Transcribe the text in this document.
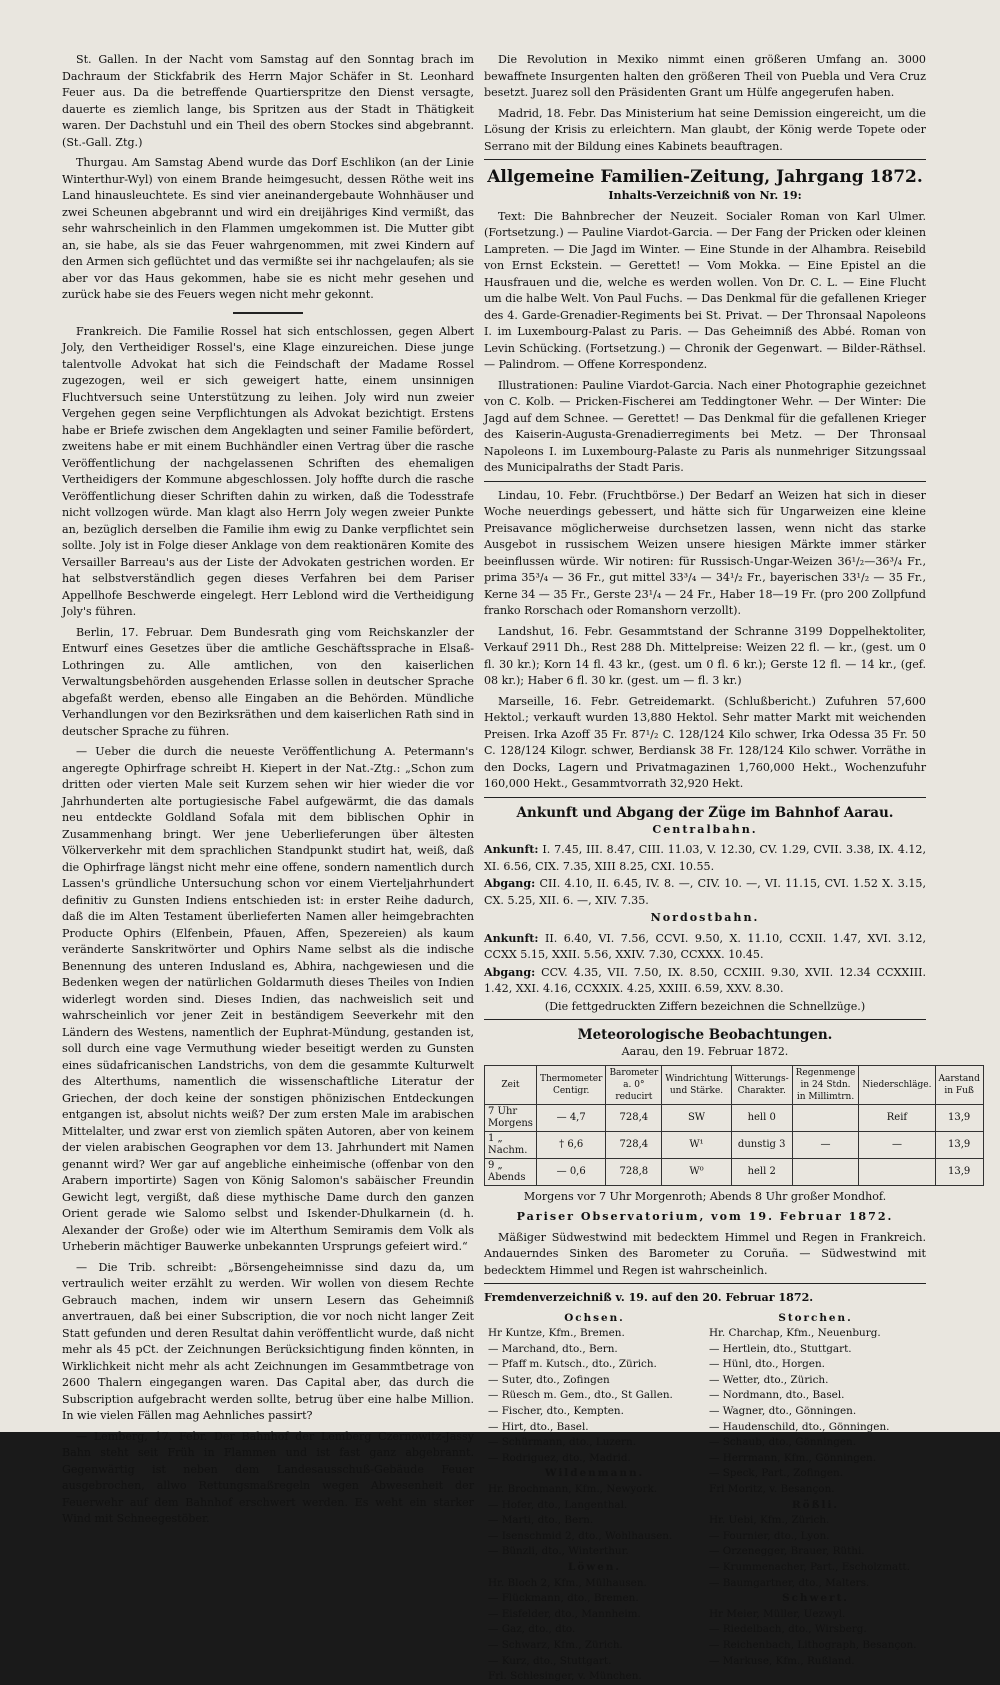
St. Gallen. In der Nacht vom Samstag auf den Sonntag brach im Dachraum der Stickfabrik des Herrn Major Schäfer in St. Leonhard Feuer aus. Da die betreffende Quartierspritze den Dienst versagte, dauerte es ziemlich lange, bis Spritzen aus der Stadt in Thätigkeit waren. Der Dachstuhl und ein Theil des obern Stockes sind abgebrannt. (St.-Gall. Ztg.)

Thurgau. Am Samstag Abend wurde das Dorf Eschlikon (an der Linie Winterthur-Wyl) von einem Brande heimgesucht, dessen Röthe weit ins Land hinausleuchtete. Es sind vier aneinandergebaute Wohnhäuser und zwei Scheunen abgebrannt und wird ein dreijähriges Kind vermißt, das sehr wahrscheinlich in den Flammen umgekommen ist. Die Mutter gibt an, sie habe, als sie das Feuer wahrgenommen, mit zwei Kindern auf den Armen sich geflüchtet und das vermißte sei ihr nachgelaufen; als sie aber vor das Haus gekommen, habe sie es nicht mehr gesehen und zurück habe sie des Feuers wegen nicht mehr gekonnt.

Frankreich. Die Familie Rossel hat sich entschlossen, gegen Albert Joly, den Vertheidiger Rossel's, eine Klage einzureichen. Diese junge talentvolle Advokat hat sich die Feindschaft der Madame Rossel zugezogen, weil er sich geweigert hatte, einem unsinnigen Fluchtversuch seine Unterstützung zu leihen. Joly wird nun zweier Vergehen gegen seine Verpflichtungen als Advokat bezichtigt. Erstens habe er Briefe zwischen dem Angeklagten und seiner Familie befördert, zweitens habe er mit einem Buchhändler einen Vertrag über die rasche Veröffentlichung der nachgelassenen Schriften des ehemaligen Vertheidigers der Kommune abgeschlossen. Joly hoffte durch die rasche Veröffentlichung dieser Schriften dahin zu wirken, daß die Todesstrafe nicht vollzogen würde. Man klagt also Herrn Joly wegen zweier Punkte an, bezüglich derselben die Familie ihm ewig zu Danke verpflichtet sein sollte. Joly ist in Folge dieser Anklage von dem reaktionären Komite des Versailler Barreau's aus der Liste der Advokaten gestrichen worden. Er hat selbstverständlich gegen dieses Verfahren bei dem Pariser Appellhofe Beschwerde eingelegt. Herr Leblond wird die Vertheidigung Joly's führen.

Berlin, 17. Februar. Dem Bundesrath ging vom Reichskanzler der Entwurf eines Gesetzes über die amtliche Geschäftssprache in Elsaß-Lothringen zu. Alle amtlichen, von den kaiserlichen Verwaltungsbehörden ausgehenden Erlasse sollen in deutscher Sprache abgefaßt werden, ebenso alle Eingaben an die Behörden. Mündliche Verhandlungen vor den Bezirksräthen und dem kaiserlichen Rath sind in deutscher Sprache zu führen.

— Ueber die durch die neueste Veröffentlichung A. Petermann's angeregte Ophirfrage schreibt H. Kiepert in der Nat.-Ztg.: „Schon zum dritten oder vierten Male seit Kurzem sehen wir hier wieder die vor Jahrhunderten alte portugiesische Fabel aufgewärmt, die das damals neu entdeckte Goldland Sofala mit dem biblischen Ophir in Zusammenhang bringt. Wer jene Ueberlieferungen über ältesten Völkerverkehr mit dem sprachlichen Standpunkt studirt hat, weiß, daß die Ophirfrage längst nicht mehr eine offene, sondern namentlich durch Lassen's gründliche Untersuchung schon vor einem Vierteljahrhundert definitiv zu Gunsten Indiens entschieden ist: in erster Reihe dadurch, daß die im Alten Testament überlieferten Namen aller heimgebrachten Producte Ophirs (Elfenbein, Pfauen, Affen, Spezereien) als kaum veränderte Sanskritwörter und Ophirs Name selbst als die indische Benennung des unteren Indusland es, Abhira, nachgewiesen und die Bedenken wegen der natürlichen Goldarmuth dieses Theiles von Indien widerlegt worden sind. Dieses Indien, das nachweislich seit und wahrscheinlich vor jener Zeit in beständigem Seeverkehr mit den Ländern des Westens, namentlich der Euphrat-Mündung, gestanden ist, soll durch eine vage Vermuthung wieder beseitigt werden zu Gunsten eines südafricanischen Landstrichs, von dem die gesammte Kulturwelt des Alterthums, namentlich die wissenschaftliche Literatur der Griechen, der doch keine der sonstigen phönizischen Entdeckungen entgangen ist, absolut nichts weiß? Der zum ersten Male im arabischen Mittelalter, und zwar erst von ziemlich späten Autoren, aber von keinem der vielen arabischen Geographen vor dem 13. Jahrhundert mit Namen genannt wird? Wer gar auf angebliche einheimische (offenbar von den Arabern importirte) Sagen von König Salomon's sabäischer Freundin Gewicht legt, vergißt, daß diese mythische Dame durch den ganzen Orient gerade wie Salomo selbst und Iskender-Dhulkarnein (d. h. Alexander der Große) oder wie im Alterthum Semiramis dem Volk als Urheberin mächtiger Bauwerke unbekannten Ursprungs gefeiert wird.“

— Die Trib. schreibt: „Börsengeheimnisse sind dazu da, um vertraulich weiter erzählt zu werden. Wir wollen von diesem Rechte Gebrauch machen, indem wir unsern Lesern das Geheimniß anvertrauen, daß bei einer Subscription, die vor noch nicht langer Zeit Statt gefunden und deren Resultat dahin veröffentlicht wurde, daß nicht mehr als 45 pCt. der Zeichnungen Berücksichtigung finden könnten, in Wirklichkeit nicht mehr als acht Zeichnungen im Gesammtbetrage von 2600 Thalern eingegangen waren. Das Capital aber, das durch die Subscription aufgebracht werden sollte, betrug über eine halbe Million. In wie vielen Fällen mag Aehnliches passirt?

— Lemberg, 17. Febr. Der Bahnhof der Lemberg Czernowitz-Jassy Bahn steht seit Früh in Flammen und ist fast ganz abgebrannt. Gegenwärtig ist neben dem Landesausschuß-Gebäude Feuer ausgebrochen, allwo Rettungsmaßregeln wegen Abwesenheit der Feuerwehr auf dem Bahnhof erschwert werden. Es weht ein starker Wind mit Schneegestöber.

Die Revolution in Mexiko nimmt einen größeren Umfang an. 3000 bewaffnete Insurgenten halten den größeren Theil von Puebla und Vera Cruz besetzt. Juarez soll den Präsidenten Grant um Hülfe angegerufen haben.

Madrid, 18. Febr. Das Ministerium hat seine Demission eingereicht, um die Lösung der Krisis zu erleichtern. Man glaubt, der König werde Topete oder Serrano mit der Bildung eines Kabinets beauftragen.

Allgemeine Familien-Zeitung, Jahrgang 1872.

Inhalts-Verzeichniß von Nr. 19:

Text: Die Bahnbrecher der Neuzeit. Socialer Roman von Karl Ulmer. (Fortsetzung.) — Pauline Viardot-Garcia. — Der Fang der Pricken oder kleinen Lampreten. — Die Jagd im Winter. — Eine Stunde in der Alhambra. Reisebild von Ernst Eckstein. — Gerettet! — Vom Mokka. — Eine Epistel an die Hausfrauen und die, welche es werden wollen. Von Dr. C. L. — Eine Flucht um die halbe Welt. Von Paul Fuchs. — Das Denkmal für die gefallenen Krieger des 4. Garde-Grenadier-Regiments bei St. Privat. — Der Thronsaal Napoleons I. im Luxembourg-Palast zu Paris. — Das Geheimniß des Abbé. Roman von Levin Schücking. (Fortsetzung.) — Chronik der Gegenwart. — Bilder-Räthsel. — Palindrom. — Offene Korrespondenz.

Illustrationen: Pauline Viardot-Garcia. Nach einer Photographie gezeichnet von C. Kolb. — Pricken-Fischerei am Teddingtoner Wehr. — Der Winter: Die Jagd auf dem Schnee. — Gerettet! — Das Denkmal für die gefallenen Krieger des Kaiserin-Augusta-Grenadierregiments bei Metz. — Der Thronsaal Napoleons I. im Luxembourg-Palaste zu Paris als nunmehriger Sitzungssaal des Municipalraths der Stadt Paris.

Lindau, 10. Febr. (Fruchtbörse.) Der Bedarf an Weizen hat sich in dieser Woche neuerdings gebessert, und hätte sich für Ungarweizen eine kleine Preisavance möglicherweise durchsetzen lassen, wenn nicht das starke Ausgebot in russischem Weizen unsere hiesigen Märkte immer stärker beeinflussen würde. Wir notiren: für Russisch-Ungar-Weizen 36¹/₂—36³/₄ Fr., prima 35³/₄ — 36 Fr., gut mittel 33³/₄ — 34¹/₂ Fr., bayerischen 33¹/₂ — 35 Fr., Kerne 34 — 35 Fr., Gerste 23¹/₄ — 24 Fr., Haber 18—19 Fr. (pro 200 Zollpfund franko Rorschach oder Romanshorn verzollt).

Landshut, 16. Febr. Gesammtstand der Schranne 3199 Doppelhektoliter, Verkauf 2911 Dh., Rest 288 Dh. Mittelpreise: Weizen 22 fl. — kr., (gest. um 0 fl. 30 kr.); Korn 14 fl. 43 kr., (gest. um 0 fl. 6 kr.); Gerste 12 fl. — 14 kr., (gef. 08 kr.); Haber 6 fl. 30 kr. (gest. um — fl. 3 kr.)

Marseille, 16. Febr. Getreidemarkt. (Schlußbericht.) Zufuhren 57,600 Hektol.; verkauft wurden 13,880 Hektol. Sehr matter Markt mit weichenden Preisen. Irka Azoff 35 Fr. 87¹/₂ C. 128/124 Kilo schwer, Irka Odessa 35 Fr. 50 C. 128/124 Kilogr. schwer, Berdiansk 38 Fr. 128/124 Kilo schwer. Vorräthe in den Docks, Lagern und Privatmagazinen 1,760,000 Hekt., Wochenzufuhr 160,000 Hekt., Gesammtvorrath 32,920 Hekt.

Ankunft und Abgang der Züge im Bahnhof Aarau.

Centralbahn.

Ankunft: I. 7.45, III. 8.47, CIII. 11.03, V. 12.30, CV. 1.29, CVII. 3.38, IX. 4.12, XI. 6.56, CIX. 7.35, XIII 8.25, CXI. 10.55.

Abgang: CII. 4.10, II. 6.45, IV. 8. —, CIV. 10. —, VI. 11.15, CVI. 1.52 X. 3.15, CX. 5.25, XII. 6. —, XIV. 7.35.

Nordostbahn.

Ankunft: II. 6.40, VI. 7.56, CCVI. 9.50, X. 11.10, CCXII. 1.47, XVI. 3.12, CCXX 5.15, XXII. 5.56, XXIV. 7.30, CCXXX. 10.45.

Abgang: CCV. 4.35, VII. 7.50, IX. 8.50, CCXIII. 9.30, XVII. 12.34 CCXXIII. 1.42, XXI. 4.16, CCXXIX. 4.25, XXIII. 6.59, XXV. 8.30.

(Die fettgedruckten Ziffern bezeichnen die Schnellzüge.)

Meteorologische Beobachtungen.

Aarau, den 19. Februar 1872.

Zeit	Thermometer Centigr.	Barometer a. 0° reducirt	Windrichtung und Stärke.	Witterungs-Charakter.	Regenmenge in 24 Stdn. in Millimtrn.	Niederschläge.	Aarstand in Fuß
7 Uhr Morgens	— 4,7	728,4	SW	hell 0		Reif	13,9
1 „ Nachm.	† 6,6	728,4	W¹	dunstig 3	—	—	13,9
9 „ Abends	— 0,6	728,8	W⁰	hell 2			13,9

Morgens vor 7 Uhr Morgenroth; Abends 8 Uhr großer Mondhof.

Pariser Observatorium, vom 19. Februar 1872.

Mäßiger Südwestwind mit bedecktem Himmel und Regen in Frankreich. Andauerndes Sinken des Barometer zu Coruña. — Südwestwind mit bedecktem Himmel und Regen ist wahrscheinlich.

Fremdenverzeichniß v. 19. auf den 20. Februar 1872.

Ochsen.
Hr Kuntze, Kfm., Bremen.
— Marchand, dto., Bern.
— Pfaff m. Kutsch., dto., Zürich.
— Suter, dto., Zofingen
— Rüesch m. Gem., dto., St Gallen.
— Fischer, dto., Kempten.
— Hirt, dto., Basel.
— Schürmann, dto., Luzern.
— Rodriguez, dto., Madrid.
Wildenmann.
Hr. Brochmann, Kfm., Newyork.
— Hofer, dto., Langenthal.
— Marti, dto., Bern.
— Isenschmid 2, dto., Wohlhausen.
— Bünzli, dto., Winterthur.
Löwen.
Hr. Bloch 2, Kfm., Mülhausen.
— Flückmann, dto., Bremen.
— Eisfelder, dto., Mannheim.
— Gaz, dto., dto.
— Schwarz, Kfm., Zürich.
— Kurz, dto., Stuttgart.
Frl. Schlesinger, v. München.
Storchen.
Hr. Charchap, Kfm., Neuenburg.
— Hertlein, dto., Stuttgart.
— Hünl, dto., Horgen.
— Wetter, dto., Zürich.
— Nordmann, dto., Basel.
— Wagner, dto., Gönningen.
— Haudenschild, dto., Gönningen.
— Schaub, dto., Gönningen.
— Herrmann, Kfm., Gönningen.
— Speck, Part., Zofingen.
Frl Moritz, v. Besançon.
Rößli.
Hr. Uebi, Kfm., Zürich.
— Fournier, dto., Lyon.
— Orzenegger, Brauer, Rüthi.
— Krummenacher, Part., Escholzmatt.
— Baumgartner, dto., Malters.
Schwert.
Hr Meier, Müller, Uezwyl.
— Riedelbach, dto., Wirsberg.
— Reichenbach, Lithograph, Besançon.
— Markuse, Kfm., Rußland.
